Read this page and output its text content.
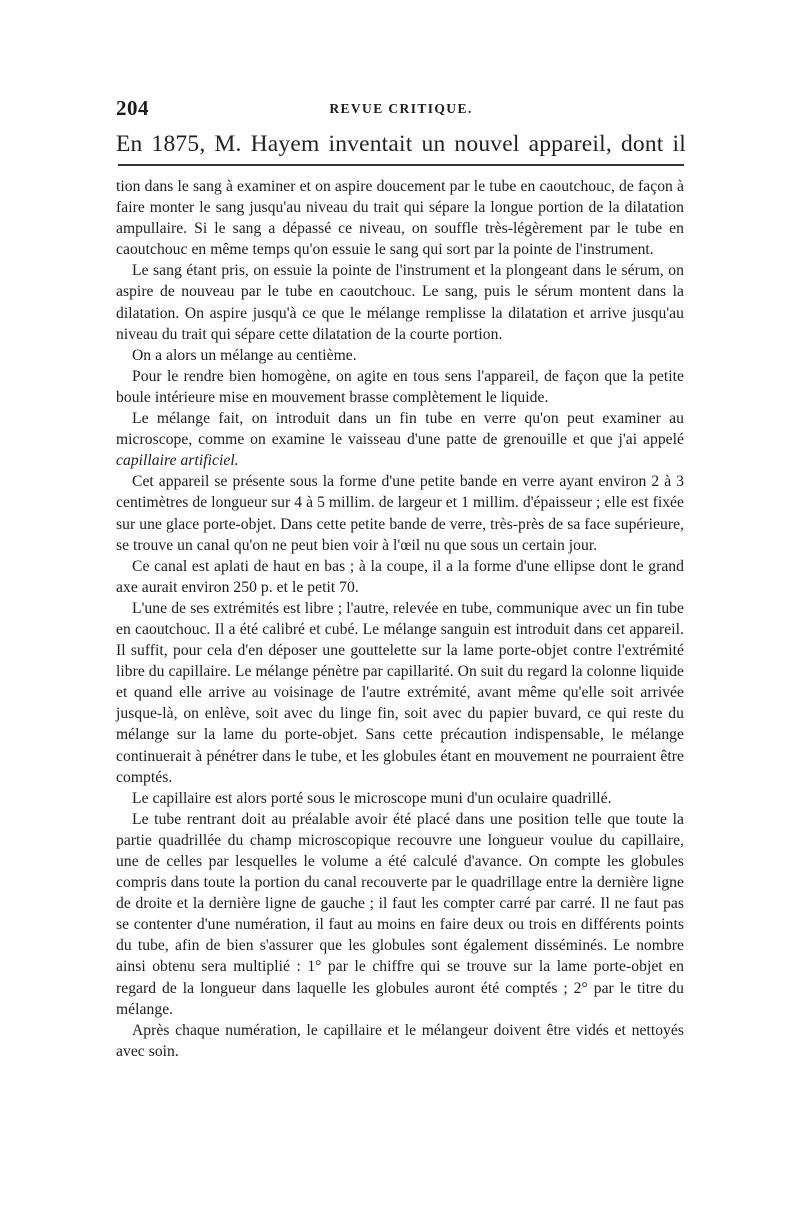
204	REVUE CRITIQUE.
En 1875, M. Hayem inventait un nouvel appareil, dont il

tion dans le sang à examiner et on aspire doucement par le tube en caoutchouc, de façon à faire monter le sang jusqu'au niveau du trait qui sépare la longue portion de la dilatation ampullaire. Si le sang a dépassé ce niveau, on souffle très-légèrement par le tube en caoutchouc en même temps qu'on essuie le sang qui sort par la pointe de l'instrument.

Le sang étant pris, on essuie la pointe de l'instrument et la plongeant dans le sérum, on aspire de nouveau par le tube en caoutchouc. Le sang, puis le sérum montent dans la dilatation. On aspire jusqu'à ce que le mélange remplisse la dilatation et arrive jusqu'au niveau du trait qui sépare cette dilatation de la courte portion.

On a alors un mélange au centième.

Pour le rendre bien homogène, on agite en tous sens l'appareil, de façon que la petite boule intérieure mise en mouvement brasse complètement le liquide.

Le mélange fait, on introduit dans un fin tube en verre qu'on peut examiner au microscope, comme on examine le vaisseau d'une patte de grenouille et que j'ai appelé capillaire artificiel.

Cet appareil se présente sous la forme d'une petite bande en verre ayant environ 2 à 3 centimètres de longueur sur 4 à 5 millim. de largeur et 1 millim. d'épaisseur ; elle est fixée sur une glace porte-objet. Dans cette petite bande de verre, très-près de sa face supérieure, se trouve un canal qu'on ne peut bien voir à l'œil nu que sous un certain jour.

Ce canal est aplati de haut en bas ; à la coupe, il a la forme d'une ellipse dont le grand axe aurait environ 250 p. et le petit 70.

L'une de ses extrémités est libre ; l'autre, relevée en tube, communique avec un fin tube en caoutchouc. Il a été calibré et cubé. Le mélange sanguin est introduit dans cet appareil. Il suffit, pour cela d'en déposer une gouttelette sur la lame porte-objet contre l'extrémité libre du capillaire. Le mélange pénètre par capillarité. On suit du regard la colonne liquide et quand elle arrive au voisinage de l'autre extrémité, avant même qu'elle soit arrivée jusque-là, on enlève, soit avec du linge fin, soit avec du papier buvard, ce qui reste du mélange sur la lame du porte-objet. Sans cette précaution indispensable, le mélange continuerait à pénétrer dans le tube, et les globules étant en mouvement ne pourraient être comptés.

Le capillaire est alors porté sous le microscope muni d'un oculaire quadrillé.

Le tube rentrant doit au préalable avoir été placé dans une position telle que toute la partie quadrillée du champ microscopique recouvre une longueur voulue du capillaire, une de celles par lesquelles le volume a été calculé d'avance. On compte les globules compris dans toute la portion du canal recouverte par le quadrillage entre la dernière ligne de droite et la dernière ligne de gauche ; il faut les compter carré par carré. Il ne faut pas se contenter d'une numération, il faut au moins en faire deux ou trois en différents points du tube, afin de bien s'assurer que les globules sont également disséminés. Le nombre ainsi obtenu sera multiplié : 1° par le chiffre qui se trouve sur la lame porte-objet en regard de la longueur dans laquelle les globules auront été comptés ; 2° par le titre du mélange.

Après chaque numération, le capillaire et le mélangeur doivent être vidés et nettoyés avec soin.
